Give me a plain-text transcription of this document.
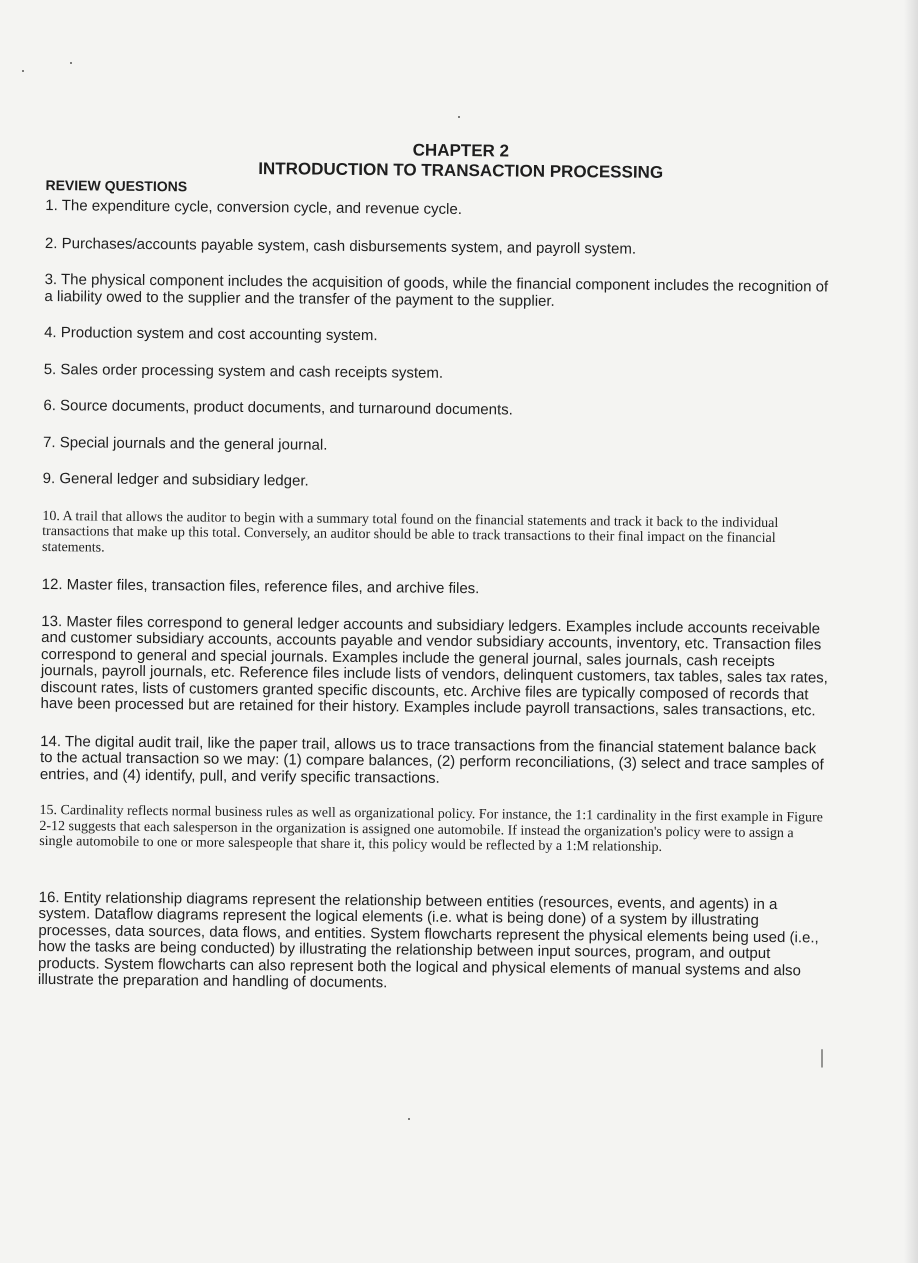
|

CHAPTER 2

INTRODUCTION TO TRANSACTION PROCESSING

REVIEW QUESTIONS

1. The expenditure cycle, conversion cycle, and revenue cycle.

2. Purchases/accounts payable system, cash disbursements system, and payroll system.

3. The physical component includes the acquisition of goods, while the financial component includes the recognition of a liability owed to the supplier and the transfer of the payment to the supplier.

4. Production system and cost accounting system.

5. Sales order processing system and cash receipts system.

6. Source documents, product documents, and turnaround documents.

7. Special journals and the general journal.

9. General ledger and subsidiary ledger.

10. A trail that allows the auditor to begin with a summary total found on the financial statements and track it back to the individual transactions that make up this total. Conversely, an auditor should be able to track transactions to their final impact on the financial statements.

12. Master files, transaction files, reference files, and archive files.

13. Master files correspond to general ledger accounts and subsidiary ledgers. Examples include accounts receivable and customer subsidiary accounts, accounts payable and vendor subsidiary accounts, inventory, etc. Transaction files correspond to general and special journals. Examples include the general journal, sales journals, cash receipts journals, payroll journals, etc. Reference files include lists of vendors, delinquent customers, tax tables, sales tax rates, discount rates, lists of customers granted specific discounts, etc. Archive files are typically composed of records that have been processed but are retained for their history. Examples include payroll transactions, sales transactions, etc.

14. The digital audit trail, like the paper trail, allows us to trace transactions from the financial statement balance back to the actual transaction so we may: (1) compare balances, (2) perform reconciliations, (3) select and trace samples of entries, and (4) identify, pull, and verify specific transactions.

15. Cardinality reflects normal business rules as well as organizational policy. For instance, the 1:1 cardinality in the first example in Figure 2-12 suggests that each salesperson in the organization is assigned one automobile. If instead the organization's policy were to assign a single automobile to one or more salespeople that share it, this policy would be reflected by a 1:M relationship.

16. Entity relationship diagrams represent the relationship between entities (resources, events, and agents) in a system. Dataflow diagrams represent the logical elements (i.e. what is being done) of a system by illustrating processes, data sources, data flows, and entities. System flowcharts represent the physical elements being used (i.e., how the tasks are being conducted) by illustrating the relationship between input sources, program, and output products. System flowcharts can also represent both the logical and physical elements of manual systems and also illustrate the preparation and handling of documents.
